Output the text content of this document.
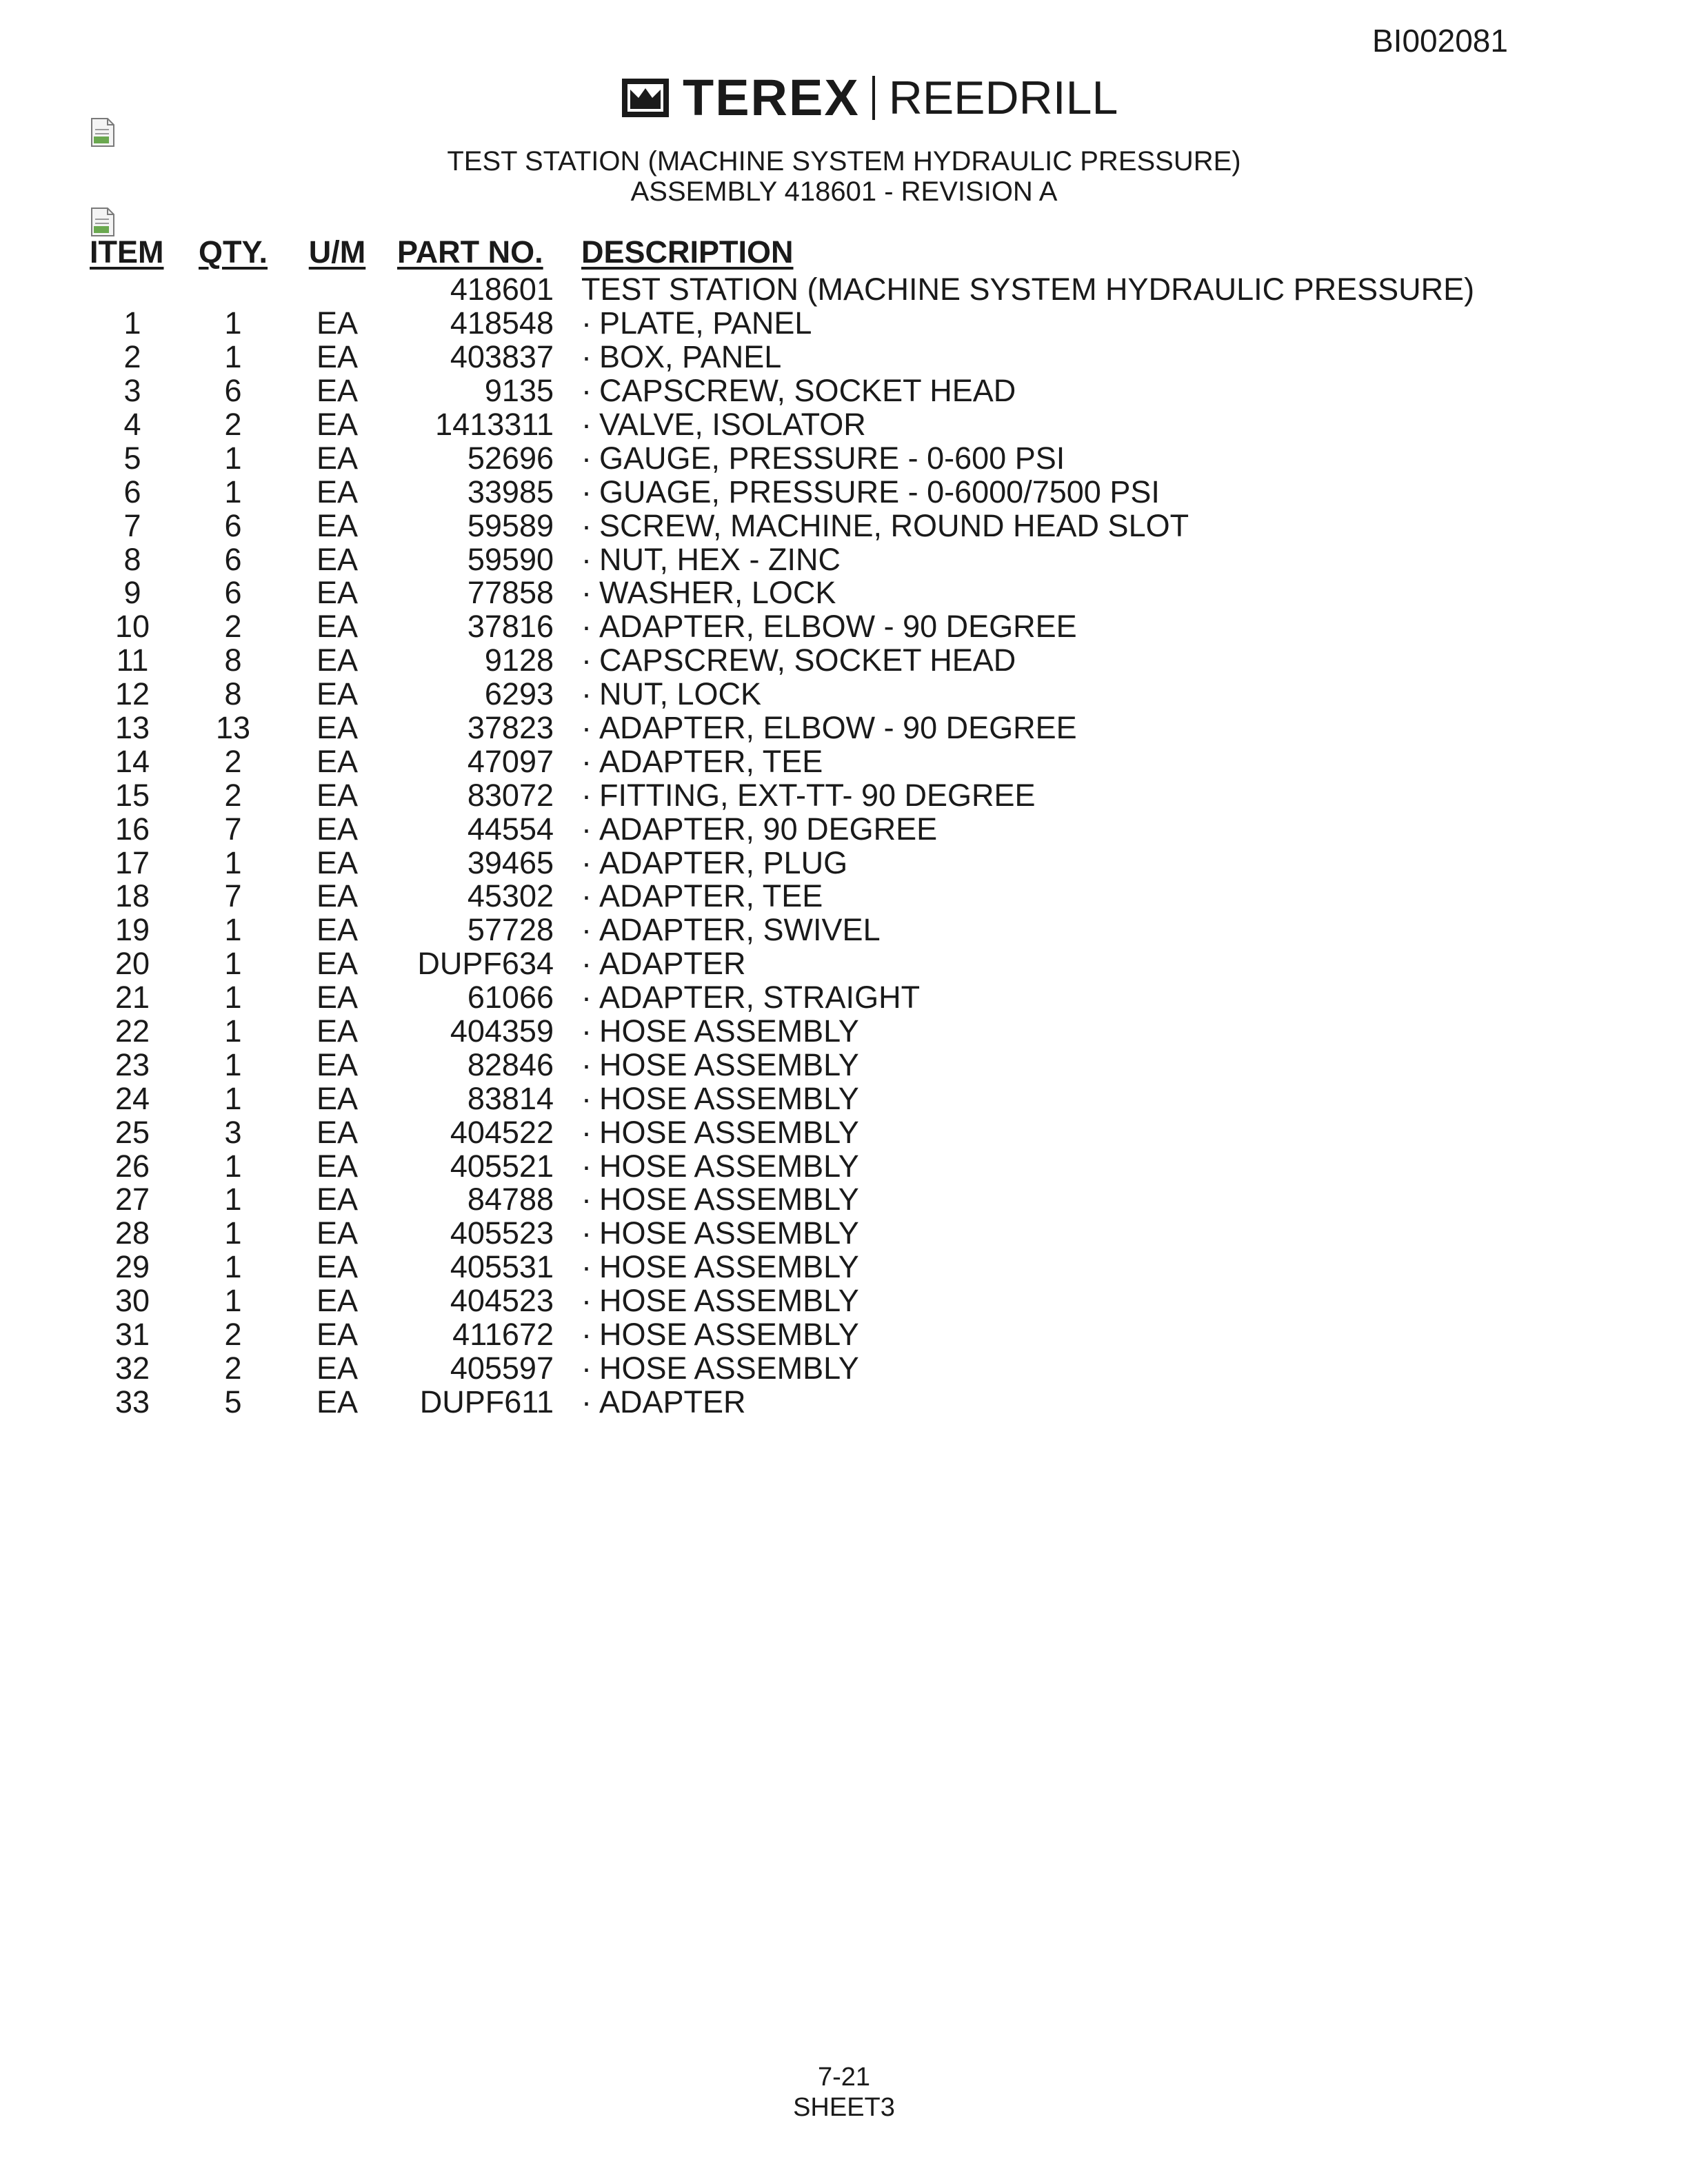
BI002081
TEREX REEDRILL
TEST STATION (MACHINE SYSTEM HYDRAULIC PRESSURE)
ASSEMBLY 418601 - REVISION A
ITEM	QTY.	U/M	PART NO.	DESCRIPTION
			418601	TEST STATION (MACHINE SYSTEM HYDRAULIC PRESSURE)
1	1	EA	418548	· PLATE, PANEL
2	1	EA	403837	· BOX, PANEL
3	6	EA	9135	· CAPSCREW, SOCKET HEAD
4	2	EA	1413311	· VALVE, ISOLATOR
5	1	EA	52696	· GAUGE, PRESSURE - 0-600 PSI
6	1	EA	33985	· GUAGE, PRESSURE - 0-6000/7500 PSI
7	6	EA	59589	· SCREW, MACHINE, ROUND HEAD SLOT
8	6	EA	59590	· NUT, HEX - ZINC
9	6	EA	77858	· WASHER, LOCK
10	2	EA	37816	· ADAPTER, ELBOW - 90 DEGREE
11	8	EA	9128	· CAPSCREW, SOCKET HEAD
12	8	EA	6293	· NUT, LOCK
13	13	EA	37823	· ADAPTER, ELBOW - 90 DEGREE
14	2	EA	47097	· ADAPTER, TEE
15	2	EA	83072	· FITTING, EXT-TT- 90 DEGREE
16	7	EA	44554	· ADAPTER, 90 DEGREE
17	1	EA	39465	· ADAPTER, PLUG
18	7	EA	45302	· ADAPTER, TEE
19	1	EA	57728	· ADAPTER, SWIVEL
20	1	EA	DUPF634	· ADAPTER
21	1	EA	61066	· ADAPTER, STRAIGHT
22	1	EA	404359	· HOSE ASSEMBLY
23	1	EA	82846	· HOSE ASSEMBLY
24	1	EA	83814	· HOSE ASSEMBLY
25	3	EA	404522	· HOSE ASSEMBLY
26	1	EA	405521	· HOSE ASSEMBLY
27	1	EA	84788	· HOSE ASSEMBLY
28	1	EA	405523	· HOSE ASSEMBLY
29	1	EA	405531	· HOSE ASSEMBLY
30	1	EA	404523	· HOSE ASSEMBLY
31	2	EA	411672	· HOSE ASSEMBLY
32	2	EA	405597	· HOSE ASSEMBLY
33	5	EA	DUPF611	· ADAPTER
7-21
SHEET3
